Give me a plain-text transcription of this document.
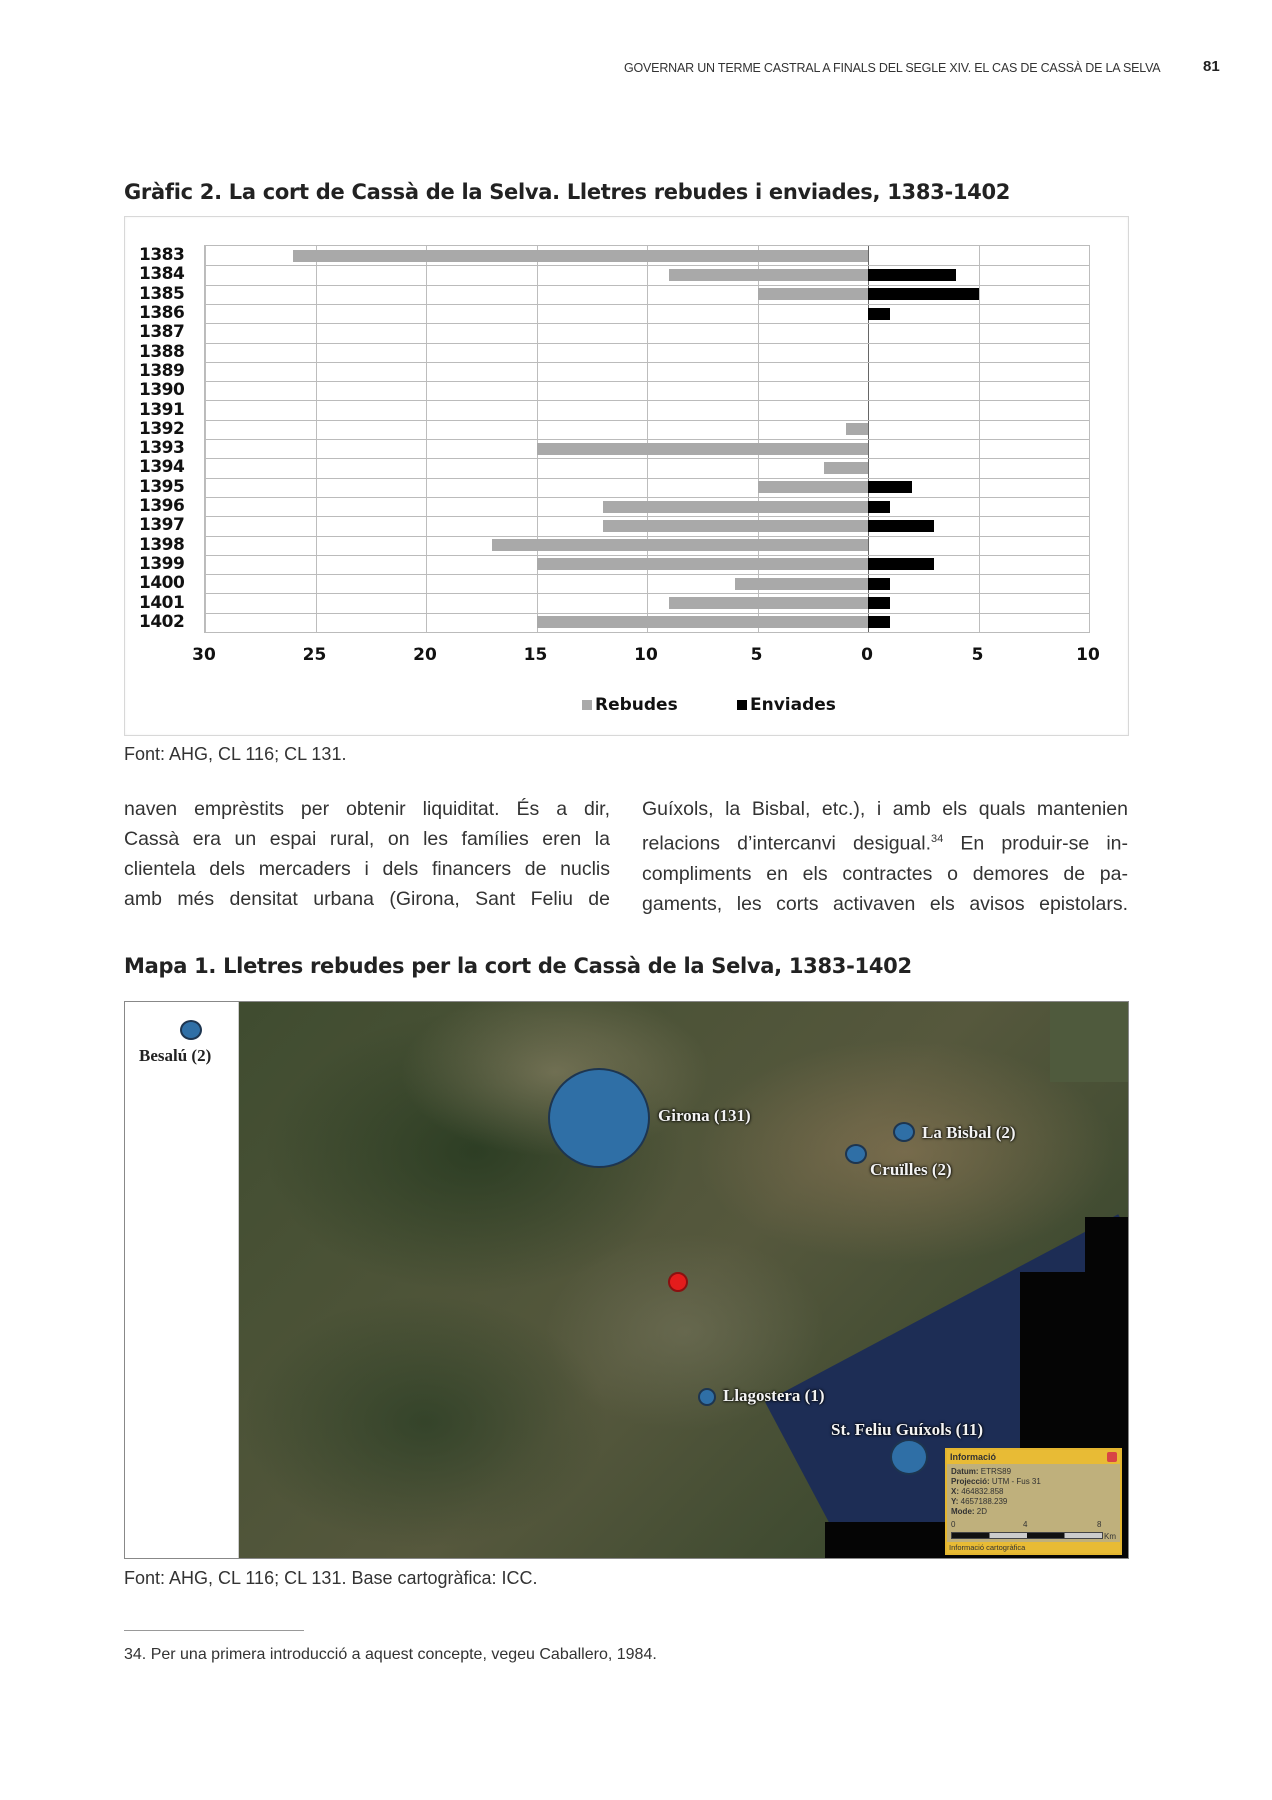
GOVERNAR UN TERME CASTRAL A FINALS DEL SEGLE XIV. EL CAS DE CASSÀ DE LA SELVA	81
Gràfic 2. La cort de Cassà de la Selva. Lletres rebudes i enviades, 1383-1402
1383
1384
1385
1386
1387
1388
1389
1390
1391
1392
1393
1394
1395
1396
1397
1398
1399
1400
1401
1402
30	25	20	15	10	5	0	5	10
Rebudes	Enviades
Font: AHG, CL 116; CL 131.
naven emprèstits per obtenir liquiditat. És a dir,
Cassà era un espai rural, on les famílies eren la
clientela dels mercaders i dels financers de nuclis
amb més densitat urbana (Girona, Sant Feliu de
Guíxols, la Bisbal, etc.), i amb els quals mantenien
relacions d’intercanvi desigual.$^{34}$ En produir-se in-
compliments en els contractes o demores de pa-
gaments, les corts activaven els avisos epistolars.
Mapa 1. Lletres rebudes per la cort de Cassà de la Selva, 1383-1402
Besalú (2)
Girona (131)
La Bisbal (2)
Cruïlles (2)
Llagostera (1)
St. Feliu Guíxols (11)
Informació
Datum: ETRS89
Projecció: UTM - Fus 31
X: 464832.858
Y: 4657188.239
Mode: 2D
0	4	8
Km
Informació cartogràfica
Font: AHG, CL 116; CL 131. Base cartogràfica: ICC.
34. Per una primera introducció a aquest concepte, vegeu Caballero, 1984.
